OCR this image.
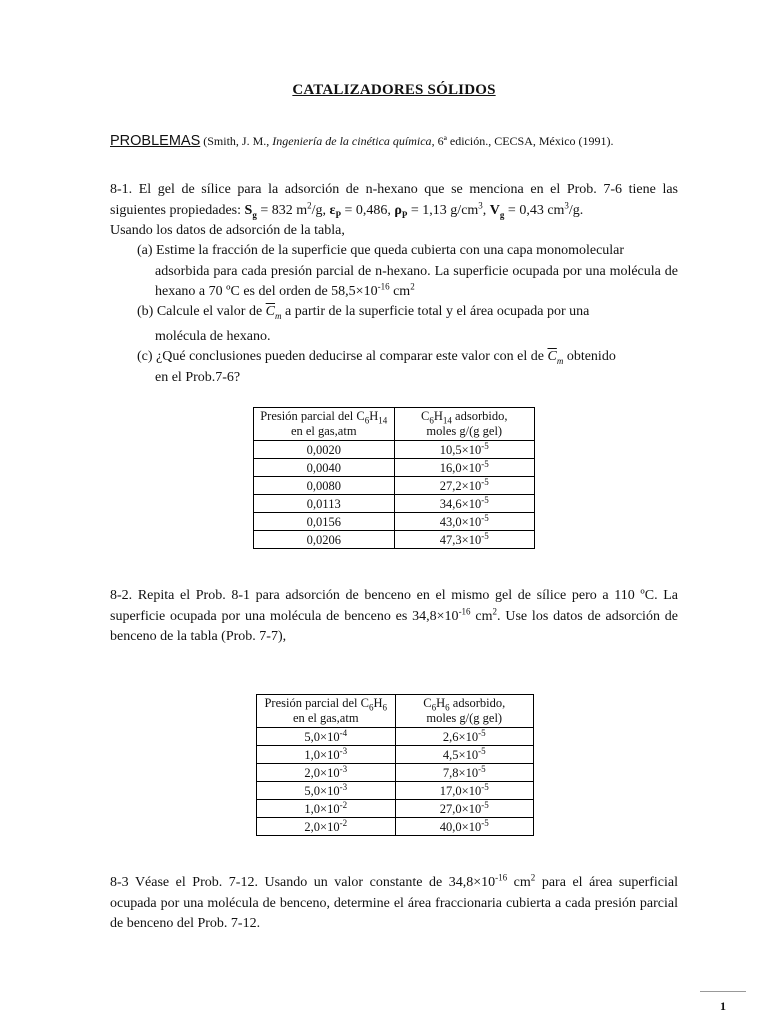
CATALIZADORES SÓLIDOS
PROBLEMAS (Smith, J. M., Ingeniería de la cinética química, 6ª edición., CECSA, México (1991).
8-1. El gel de sílice para la adsorción de n-hexano que se menciona en el Prob. 7-6 tiene las siguientes propiedades: $S_g = 832$ $m^2/g$, $\varepsilon_P = 0,486$, $\rho_P = 1,13$ $g/cm^3$, $V_g = 0,43$ $cm^3/g$.
Usando los datos de adsorción de la tabla,
(a) Estime la fracción de la superficie que queda cubierta con una capa monomolecular
adsorbida para cada presión parcial de n-hexano. La superficie ocupada por una molécula de hexano a 70 ºC es del orden de $58,5\times 10^{-16}$ $cm^2$
(b) Calcule el valor de $\overline{C}_m$ a partir de la superficie total y el área ocupada por una
molécula de hexano.
(c) ¿Qué conclusiones pueden deducirse al comparar este valor con el de $\overline{C}_m$ obtenido
en el Prob.7-6?
Presión parcial del $C_6H_{14}$
en el gas,atm	$C_6H_{14}$ adsorbido,
moles g/(g gel)
0,0020	$10,5\times 10^{-5}$
0,0040	$16,0\times 10^{-5}$
0,0080	$27,2\times 10^{-5}$
0,0113	$34,6\times 10^{-5}$
0,0156	$43,0\times 10^{-5}$
0,0206	$47,3\times 10^{-5}$
8-2. Repita el Prob. 8-1 para adsorción de benceno en el mismo gel de sílice pero a 110 ºC. La superficie ocupada por una molécula de benceno es $34,8\times 10^{-16}$ $cm^2$. Use los datos de adsorción de benceno de la tabla (Prob. 7-7),
Presión parcial del $C_6H_6$
en el gas,atm	$C_6H_6$ adsorbido,
moles g/(g gel)
$5,0\times 10^{-4}$	$2,6\times 10^{-5}$
$1,0\times 10^{-3}$	$4,5\times 10^{-5}$
$2,0\times 10^{-3}$	$7,8\times 10^{-5}$
$5,0\times 10^{-3}$	$17,0\times 10^{-5}$
$1,0\times 10^{-2}$	$27,0\times 10^{-5}$
$2,0\times 10^{-2}$	$40,0\times 10^{-5}$
8-3 Véase el Prob. 7-12. Usando un valor constante de $34,8\times 10^{-16}$ $cm^2$ para el área superficial ocupada por una molécula de benceno, determine el área fraccionaria cubierta a cada presión parcial de benceno del Prob. 7-12.
1
